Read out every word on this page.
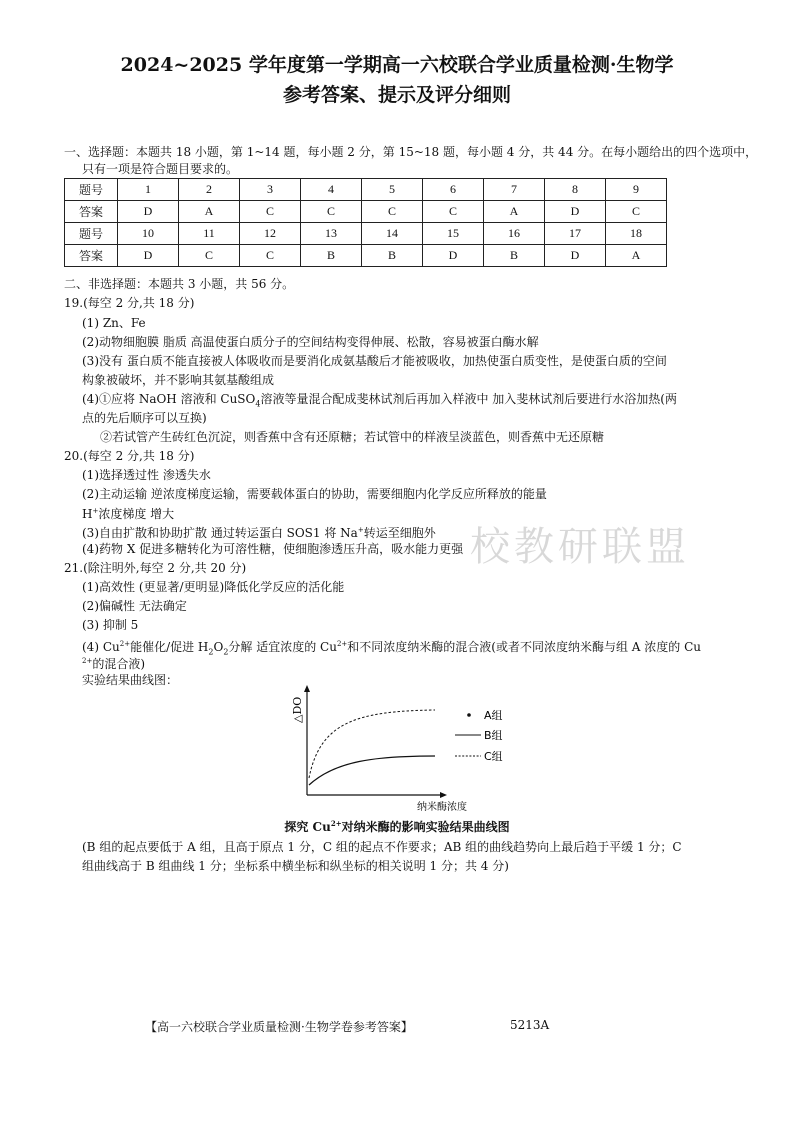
校教研联盟
2024~2025 学年度第一学期高一六校联合学业质量检测·生物学
参考答案、提示及评分细则
一、选择题：本题共 18 小题，第 1~14 题，每小题 2 分，第 15~18 题，每小题 4 分，共 44 分。在每小题给出的四个选项中，
只有一项是符合题目要求的。
题号	1	2	3	4	5	6	7	8	9
答案	D	A	C	C	C	C	A	D	C
题号	10	11	12	13	14	15	16	17	18
答案	D	C	C	B	B	D	B	D	A
二、非选择题：本题共 3 小题，共 56 分。
19.(每空 2 分,共 18 分)
(1) Zn、Fe
(2)动物细胞膜 脂质 高温使蛋白质分子的空间结构变得伸展、松散，容易被蛋白酶水解
(3)没有 蛋白质不能直接被人体吸收而是要消化成氨基酸后才能被吸收，加热使蛋白质变性，是使蛋白质的空间
构象被破坏，并不影响其氨基酸组成
(4)①应将 NaOH 溶液和 CuSO$_4$溶液等量混合配成斐林试剂后再加入样液中 加入斐林试剂后要进行水浴加热(两
点的先后顺序可以互换)
②若试管产生砖红色沉淀，则香蕉中含有还原糖；若试管中的样液呈淡蓝色，则香蕉中无还原糖
20.(每空 2 分,共 18 分)
(1)选择透过性 渗透失水
(2)主动运输 逆浓度梯度运输，需要载体蛋白的协助，需要细胞内化学反应所释放的能量
H+浓度梯度 增大
(3)自由扩散和协助扩散 通过转运蛋白 SOS1 将 Na+转运至细胞外
(4)药物 X 促进多糖转化为可溶性糖，使细胞渗透压升高，吸水能力更强
21.(除注明外,每空 2 分,共 20 分)
(1)高效性 (更显著/更明显)降低化学反应的活化能
(2)偏碱性 无法确定
(3) 抑制 5
(4) $Cu^{2+}$能催化/促进 $H_2O_2$分解 适宜浓度的 $Cu^{2+}$和不同浓度纳米酶的混合液(或者不同浓度纳米酶与组 A 浓度的 Cu
$^{2+}$的混合液)
实验结果曲线图：
△DO
纳米酶浓度
A组
B组
C组
探究 $Cu^{2+}$对纳米酶的影响实验结果曲线图
(B 组的起点要低于 A 组，且高于原点 1 分，C 组的起点不作要求；AB 组的曲线趋势向上最后趋于平缓 1 分；C
组曲线高于 B 组曲线 1 分；坐标系中横坐标和纵坐标的相关说明 1 分；共 4 分)
【高一六校联合学业质量检测·生物学卷参考答案】	5213A
